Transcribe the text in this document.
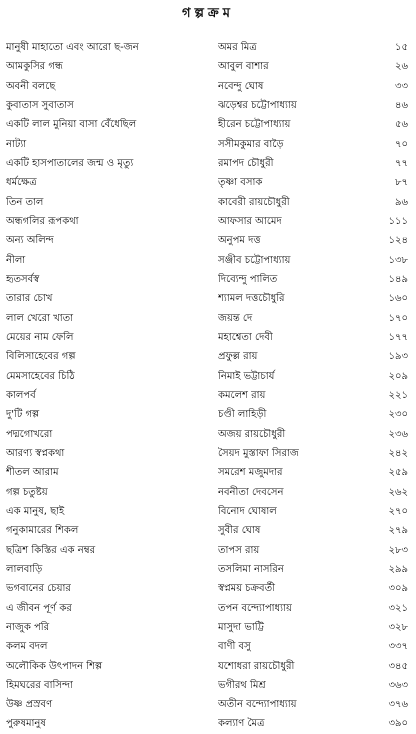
গল্পক্রম
মানুষী মাহাতো এবং আরো ছ-জন	অমর মিত্র	১৫
আমকুসির গন্ধ	আবুল বাশার	২৬
অবনী বলছে	নবেন্দু ঘোষ	৩৩
কুবাতাস সুবাতাস	ঝড়েশ্বর চট্টোপাধ্যায়	৪৬
একটি লাল মুনিয়া বাসা বেঁধেছিল	হীরেন চট্টোপাধ্যায়	৫৬
নাট্যা	সসীমকুমার বাড়ৈ	৭০
একটি হাসপাতালের জন্ম ও মৃত্যু	রমাপদ চৌধুরী	৭৭
ধর্মক্ষেত্র	তৃষ্ণা বসাক	৮৭
তিন তাল	কাবেরী রায়চৌধুরী	৯৬
অন্ধগলির রূপকথা	আফসার আমেদ	১১১
অন্য অলিন্দ	অনুপম দত্ত	১২৪
নীলা	সঞ্জীব চট্টোপাধ্যায়	১৩৮
হৃতসর্বস্ব	দিব্যেন্দু পালিত	১৪৯
তারার চোখ	শ্যামল দত্তচৌধুরি	১৬০
লাল খেরো খাতা	জয়ন্ত দে	১৭০
মেয়ের নাম ফেলি	মহাশ্বেতা দেবী	১৭৭
বিলিসাহেবের গল্প	প্রফুল্ল রায়	১৯৩
মেমসাহেবের চিঠি	নিমাই ভট্টাচার্য	২০৯
কালপর্ব	কমলেশ রায়	২২১
দু'টি গল্প	চণ্ডী লাহিড়ী	২৩০
পদ্মগোখরো	অজয় রায়চৌধুরী	২৩৬
আরণ্য স্বপ্নকথা	সৈয়দ মুস্তাফা সিরাজ	২৪২
শীতল আরাম	সমরেশ মজুমদার	২৫৯
গল্প চতুষ্টয়	নবনীতা দেবসেন	২৬২
এক মানুষ, ছাই	বিনোদ ঘোষাল	২৭০
গনুকামারের শিকল	সুবীর ঘোষ	২৭৯
ছত্রিশ কিস্তির এক নম্বর	তাপস রায়	২৮৩
লালবাড়ি	তসলিমা নাসরিন	২৯৯
ভগবানের চেয়ার	স্বপ্নময় চক্রবর্তী	৩০৯
এ জীবন পূর্ণ কর	তপন বন্দ্যোপাধ্যায়	৩২১
নাজুক পরি	মাসুদা ভাট্টি	৩২৮
কলম বদল	বাণী বসু	৩৩৭
অলৌকিক উৎপাদন শিল্প	যশোধরা রায়চৌধুরী	৩৪৫
হিমঘরের বাসিন্দা	ভগীরথ মিশ্র	৩৬৩
উষ্ণ প্রস্রবণ	অতীন বন্দ্যোপাধ্যায়	৩৭৬
পুরুষমানুষ	কল্যাণ মৈত্র	৩৯০
